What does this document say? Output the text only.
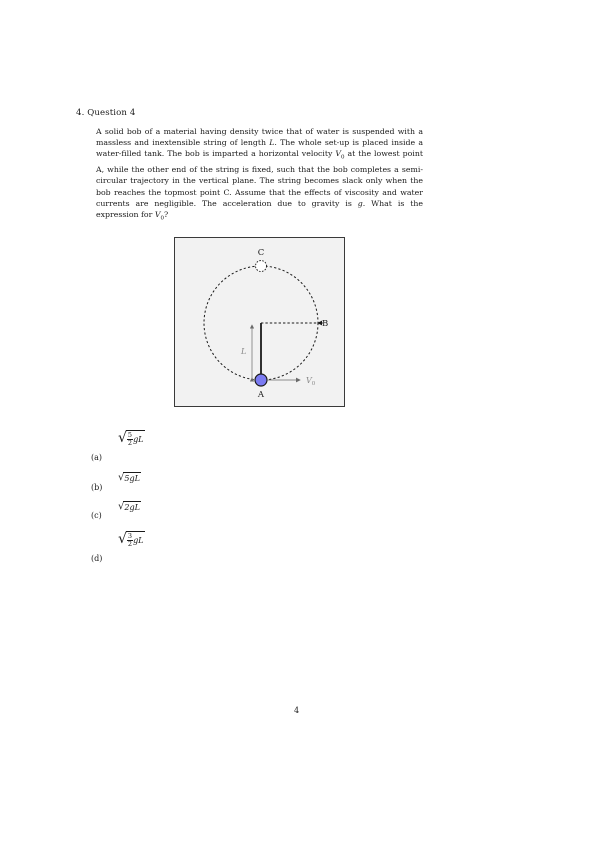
4. Question 4
A solid bob of a material having density twice that of water is suspended with a massless and inextensible string of length L. The whole set-up is placed inside a water-filled tank. The bob is imparted a horizontal velocity $V_0$ at the lowest point A, while the other end of the string is fixed, such that the bob completes a semi-circular trajectory in the vertical plane. The string becomes slack only when the bob reaches the topmost point C. Assume that the effects of viscosity and water currents are negligible. The acceleration due to gravity is g. What is the expression for $V_0$?
C
B
A
L
$V_0$
(a)
√ $\frac{5}{2}$ gL
(b)
√ 5gL
(c)
√ 2gL
(d)
√ $\frac{3}{2}$ gL
4
